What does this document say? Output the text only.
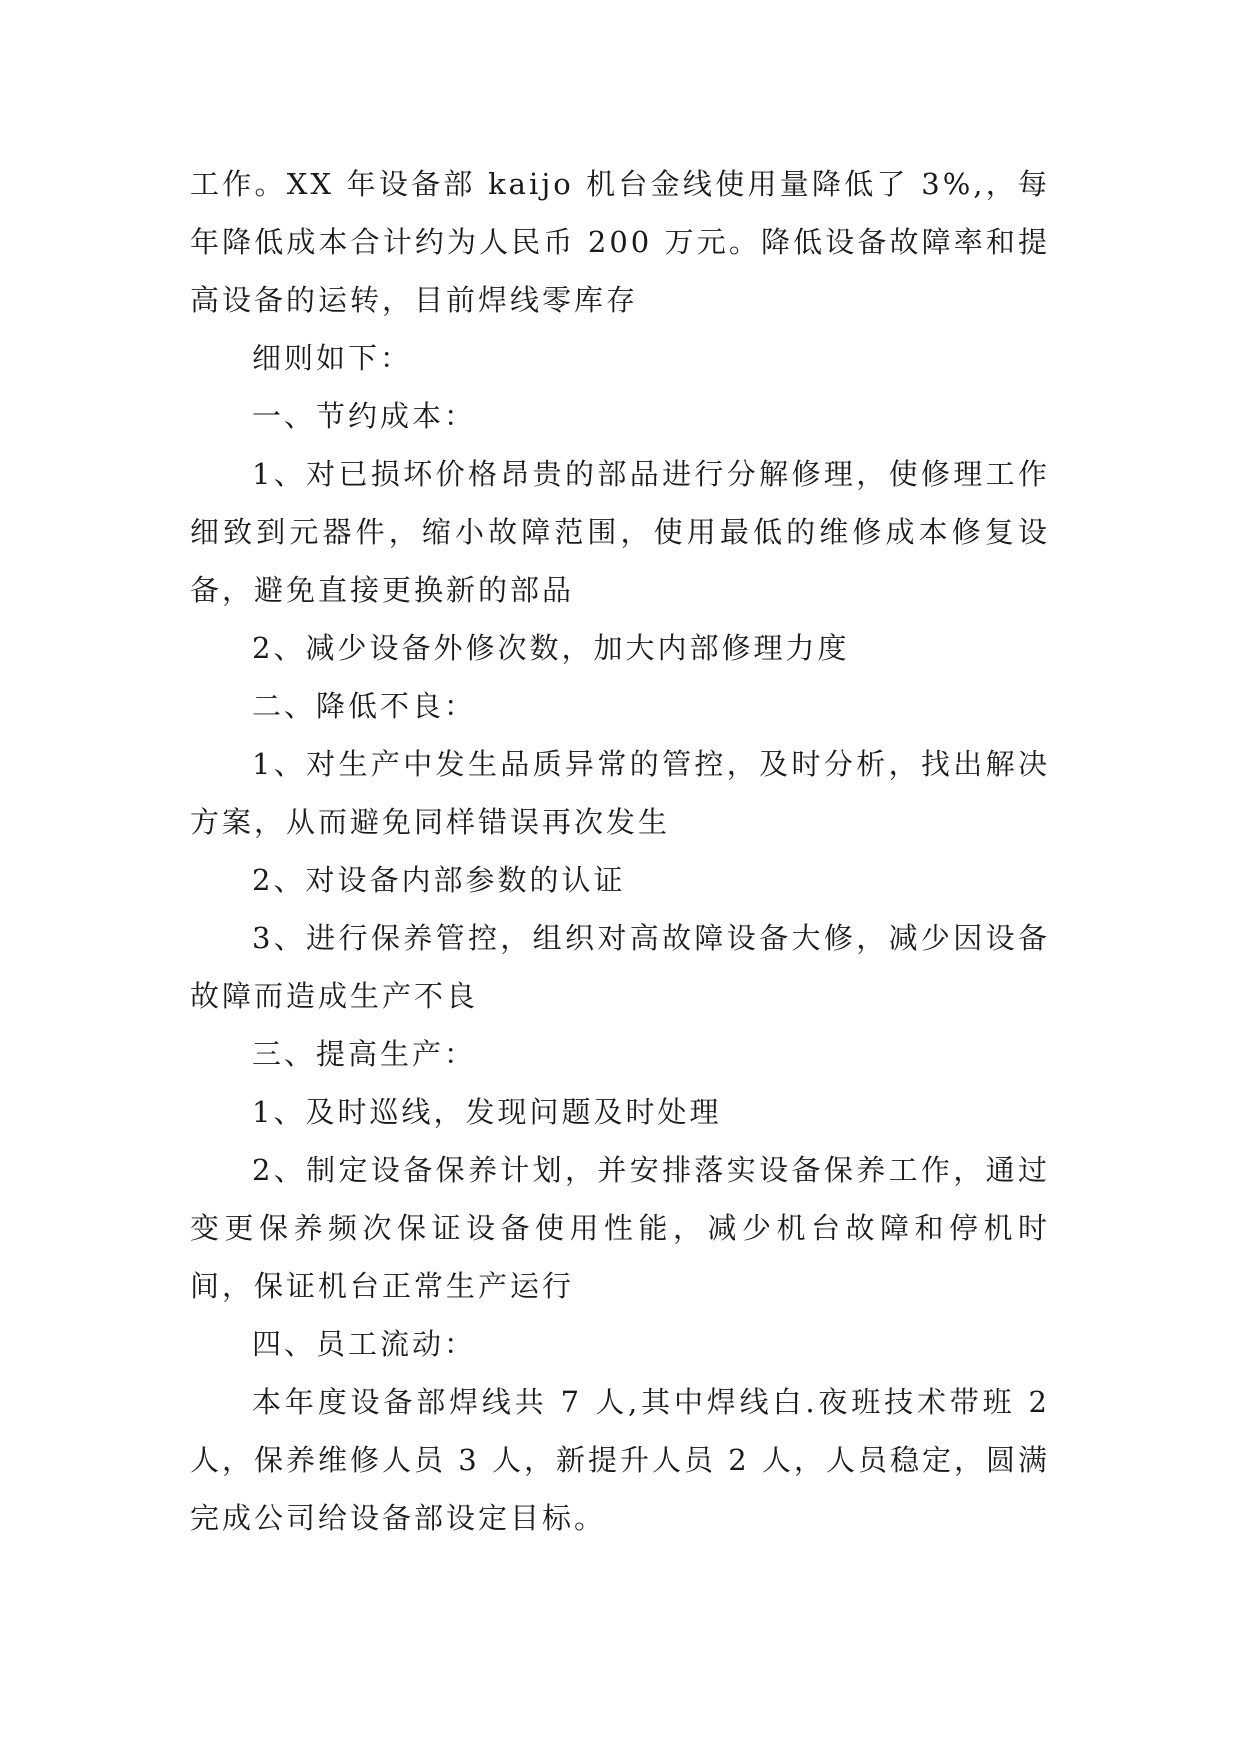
工作。XX 年设备部 kaijo 机台金线使用量降低了 3%,，每年降低成本合计约为人民币 200 万元。降低设备故障率和提高设备的运转，目前焊线零库存

细则如下：

一、节约成本：

1、对已损坏价格昂贵的部品进行分解修理，使修理工作细致到元器件，缩小故障范围，使用最低的维修成本修复设备，避免直接更换新的部品

2、减少设备外修次数，加大内部修理力度

二、降低不良：

1、对生产中发生品质异常的管控，及时分析，找出解决方案，从而避免同样错误再次发生

2、对设备内部参数的认证

3、进行保养管控，组织对高故障设备大修，减少因设备故障而造成生产不良

三、提高生产：

1、及时巡线，发现问题及时处理

2、制定设备保养计划，并安排落实设备保养工作，通过变更保养频次保证设备使用性能，减少机台故障和停机时间，保证机台正常生产运行

四、员工流动：

本年度设备部焊线共 7 人,其中焊线白.夜班技术带班 2 人，保养维修人员 3 人，新提升人员 2 人，人员稳定，圆满完成公司给设备部设定目标。
